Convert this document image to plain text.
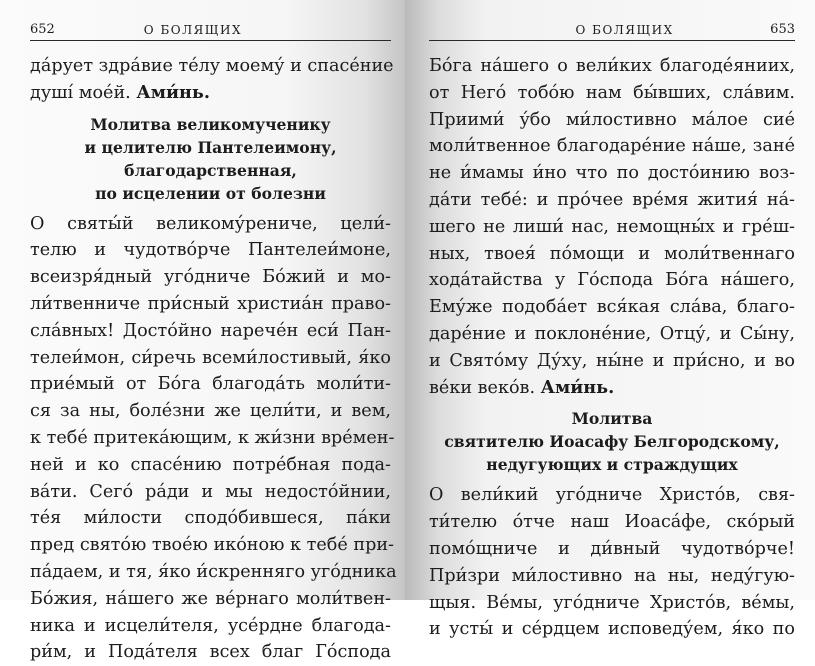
652	О БОЛЯЩИХ
да́рует здра́вие те́лу моему́ и спасе́ние
душі́ мое́й. Ами́нь.
Молитва великомученику
и целителю Пантелеимону,
благодарственная,
по исцелении от болезни
О святы́й великому́рениче, цели́-
телю и чудотво́рче Пантелеи́моне,
всеизря́дный уго́дниче Бо́жий и мо-
ли́твенниче при́сный христиа́н право-
сла́вных! Досто́йно нарече́н еси́ Пан-
телеи́мон, си́речь всеми́лостивый, я́ко
прие́мый от Бо́га благода́ть моли́ти-
ся за ны, боле́зни же цели́ти, и вем,
к тебе́ притека́ющим, к жи́зни вре́мен-
ней и ко спасе́нию потре́бная пода-
ва́ти. Сего́ ра́ди и мы недосто́йнии,
те́я ми́лости сподо́бившеся, па́ки
пред свято́ю твое́ю ико́ною к тебе́ при-
па́даем, и тя, я́ко и́скренняго уго́дника
Бо́жия, на́шего же ве́рнаго моли́твен-
ника и исцели́теля, усе́рдне благода-
ри́м, и Пода́теля всех благ Го́спода
О БОЛЯЩИХ	653
Бо́га на́шего о вели́ких благоде́яниих,
от Него́ тобо́ю нам бы́вших, сла́вим.
Приими́ у́бо ми́лостивно ма́лое сие́
моли́твенное благодаре́ние на́ше, зане́
не и́мамы и́но что по досто́инию воз-
да́ти тебе́: и про́чее вре́мя жития́ на́-
шего не лиши́ нас, немощны́х и гре́ш-
ных, твоея́ по́мощи и моли́твеннаго
хода́тайства у Го́спода Бо́га на́шего,
Ему́же подоба́ет вся́кая сла́ва, благо-
даре́ние и поклоне́ние, Отцу́, и Сы́ну,
и Свято́му Ду́ху, ны́не и при́сно, и во
ве́ки веко́в. Ами́нь.
Молитва
святителю Иоасафу Белгородскому,
недугующих и страждущих
О вели́кий уго́дниче Христо́в, свя-
ти́телю о́тче наш Иоаса́фе, ско́рый
помо́щниче и ди́вный чудотво́рче!
При́зри ми́лостивно на ны, неду́гую-
щыя. Ве́мы, уго́дниче Христо́в, ве́мы,
и усты́ и се́рдцем исповеду́ем, я́ко по
